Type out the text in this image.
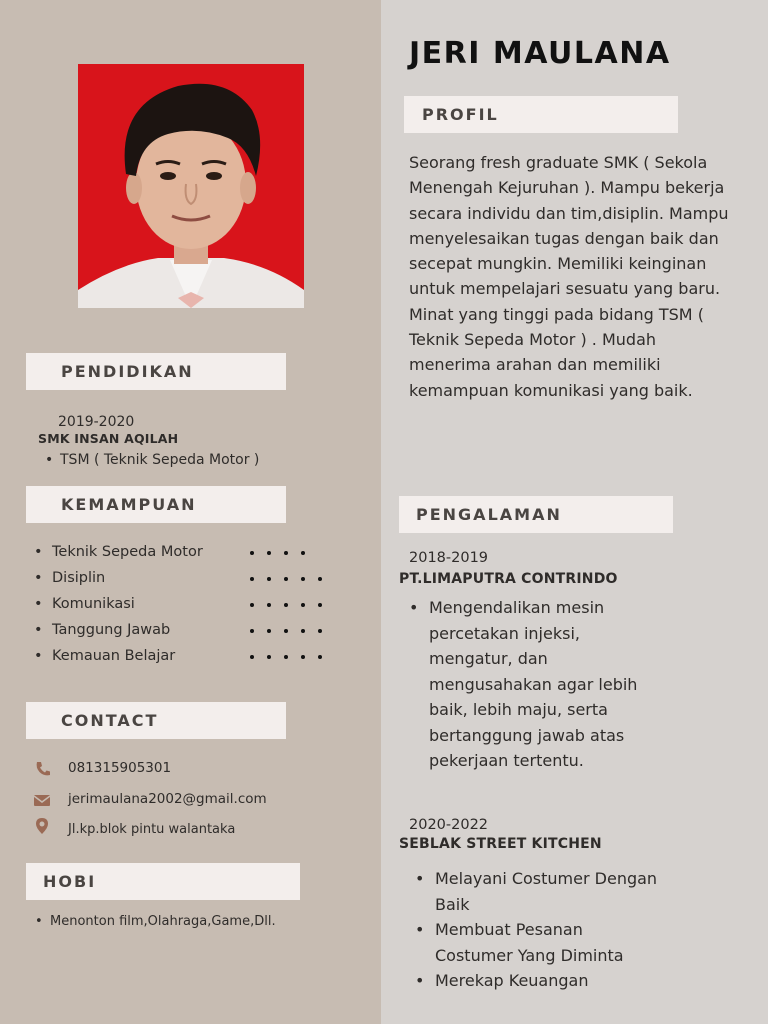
PENDIDIKAN
2019-2020
SMK INSAN AQILAH
• TSM ( Teknik Sepeda Motor )
KEMAMPUAN
• Teknik Sepeda Motor
• Disiplin
• Komunikasi
• Tanggung Jawab
• Kemauan Belajar
CONTACT
081315905301
jerimaulana2002@gmail.com
Jl.kp.blok pintu walantaka
HOBI
• Menonton film,Olahraga,Game,Dll.
JERI MAULANA
PROFIL
Seorang fresh graduate SMK ( Sekola Menengah Kejuruhan ). Mampu bekerja secara individu dan tim,disiplin. Mampu menyelesaikan tugas dengan baik dan secepat mungkin. Memiliki keinginan untuk mempelajari sesuatu yang baru. Minat yang tinggi pada bidang TSM ( Teknik Sepeda Motor ) . Mudah menerima arahan dan memiliki kemampuan komunikasi yang baik.
PENGALAMAN
2018-2019
PT.LIMAPUTRA CONTRINDO
• Mengendalikan mesin percetakan injeksi, mengatur, dan mengusahakan agar lebih baik, lebih maju, serta bertanggung jawab atas pekerjaan tertentu.
2020-2022
SEBLAK STREET KITCHEN
• Melayani Costumer Dengan Baik
• Membuat Pesanan Costumer Yang Diminta
• Merekap Keuangan
